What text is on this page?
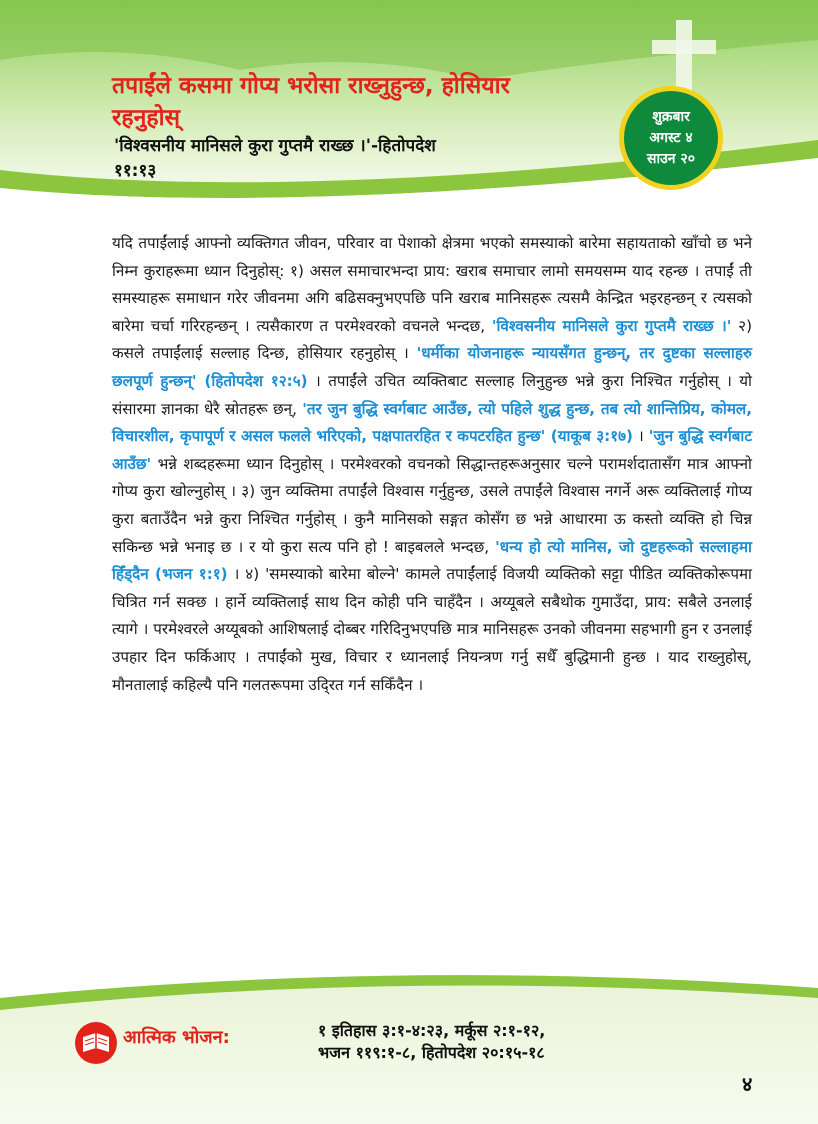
तपाईंले कसमा गोप्य भरोसा राख्नुहुन्छ, होसियार रहनुहोस्

'विश्‍वसनीय मानिसले कुरा गुप्‍तमै राख्छ ।'-हितोपदेश ११:१३

शुक्रबार
अगस्ट ४
साउन २०

यदि तपाईंलाई आफ्नो व्यक्तिगत जीवन, परिवार वा पेशाको क्षेत्रमा भएको समस्याको बारेमा सहायताको खाँचो छ भने निम्न कुराहरूमा ध्यान दिनुहोस्: १) असल समाचारभन्दा प्राय: खराब समाचार लामो समयसम्म याद रहन्छ । तपाईं ती समस्याहरू समाधान गरेर जीवनमा अगि बढिसक्नुभएपछि पनि खराब मानिसहरू त्यसमै केन्द्रित भइरहन्छन् र त्यसको बारेमा चर्चा गरिरहन्छन् । त्यसैकारण त परमेश्‍वरको वचनले भन्दछ, 'विश्‍वसनीय मानिसले कुरा गुप्‍तमै राख्छ ।' २) कसले तपाईंलाई सल्लाह दिन्छ, होसियार रहनुहोस् । 'धर्मीका योजनाहरू न्यायसँगत हुन्छन्, तर दुष्टका सल्लाहरु छलपूर्ण हुन्छन्' (हितोपदेश १२:५) । तपाईंले उचित व्यक्तिबाट सल्लाह लिनुहुन्छ भन्ने कुरा निश्‍चित गर्नुहोस् । यो संसारमा ज्ञानका धेरै स्रोतहरू छन्, 'तर जुन बुद्धि स्वर्गबाट आउँछ, त्यो पहिले शुद्ध हुन्छ, तब त्यो शान्तिप्रिय, कोमल, विचारशील, कृपापूर्ण र असल फलले भरिएको, पक्षपातरहित र कपटरहित हुन्छ' (याकूब ३:१७) । 'जुन बुद्धि स्वर्गबाट आउँछ' भन्ने शब्दहरूमा ध्यान दिनुहोस् । परमेश्‍वरको वचनको सिद्धान्तहरूअनुसार चल्ने परामर्शदातासँग मात्र आफ्नो गोप्य कुरा खोल्नुहोस् । ३) जुन व्यक्तिमा तपाईंले विश्‍वास गर्नुहुन्छ, उसले तपाईंले विश्‍वास नगर्ने अरू व्यक्तिलाई गोप्य कुरा बताउँदैन भन्ने कुरा निश्‍चित गर्नुहोस् । कुनै मानिसको सङ्गत कोसँग छ भन्ने आधारमा ऊ कस्तो व्यक्ति हो चिन्न सकिन्छ भन्ने भनाइ छ । र यो कुरा सत्य पनि हो ! बाइबलले भन्दछ, 'धन्य हो त्यो मानिस, जो दुष्टहरूको सल्लाहमा हिँड्दैन (भजन १:१) । ४) 'समस्याको बारेमा बोल्ने' कामले तपाईंलाई विजयी व्यक्तिको सट्टा पीडित व्यक्तिकोरूपमा चित्रित गर्न सक्छ । हार्ने व्यक्तिलाई साथ दिन कोही पनि चाहँदैन । अय्यूबले सबैथोक गुमाउँदा, प्राय: सबैले उनलाई त्यागे । परमेश्‍वरले अय्यूबको आशिषलाई दोब्बर गरिदिनुभएपछि मात्र मानिसहरू उनको जीवनमा सहभागी हुन र उनलाई उपहार दिन फर्किआए । तपाईंको मुख, विचार र ध्यानलाई नियन्त्रण गर्नु सधैँ बुद्धिमानी हुन्छ । याद राख्नुहोस्, मौनतालाई कहिल्यै पनि गलतरूपमा उद्‍रित गर्न सकिँदैन ।

आत्मिक भोजन:	१ इतिहास ३:१-४:२३, मर्कूस २:१-१२,
भजन ११९:१-८, हितोपदेश २०:१५-१८

४
